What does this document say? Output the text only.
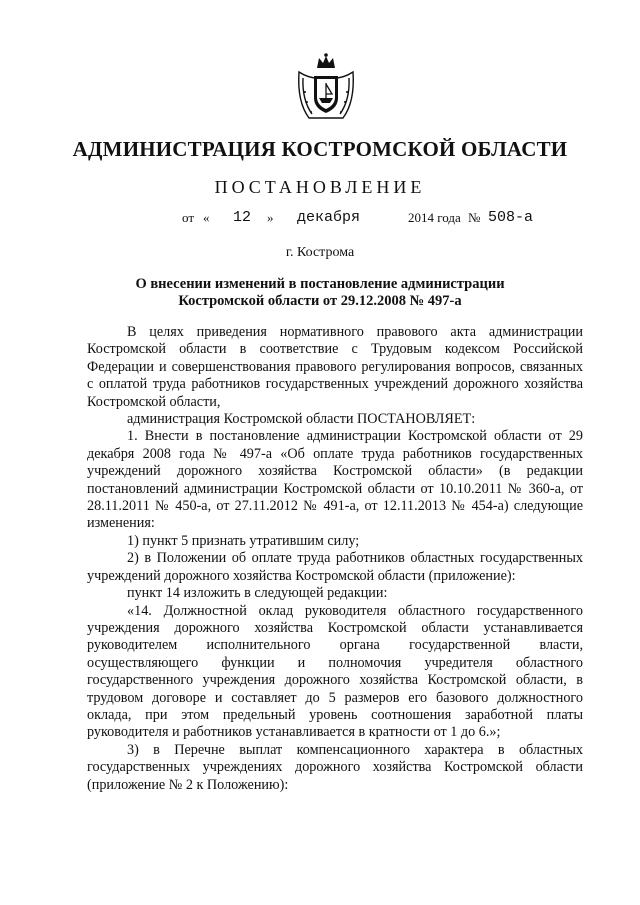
АДМИНИСТРАЦИЯ КОСТРОМСКОЙ ОБЛАСТИ
ПОСТАНОВЛЕНИЕ
от « 12 » декабря	2014 года № 508-а
г. Кострома
О внесении изменений в постановление администрации
Костромской области от 29.12.2008 № 497-а

В целях приведения нормативного правового акта администрации Костромской области в соответствие с Трудовым кодексом Российской Федерации и совершенствования правового регулирования вопросов, связанных с оплатой труда работников государственных учреждений дорожного хозяйства Костромской области,

администрация Костромской области ПОСТАНОВЛЯЕТ:

1. Внести в постановление администрации Костромской области от 29 декабря 2008 года № 497-а «Об оплате труда работников государственных учреждений дорожного хозяйства Костромской области» (в редакции постановлений администрации Костромской области от 10.10.2011 № 360-а, от 28.11.2011 № 450-а, от 27.11.2012 № 491-а, от 12.11.2013 № 454-а) следующие изменения:

1) пункт 5 признать утратившим силу;

2) в Положении об оплате труда работников областных государственных учреждений дорожного хозяйства Костромской области (приложение):

пункт 14 изложить в следующей редакции:

«14. Должностной оклад руководителя областного государственного учреждения дорожного хозяйства Костромской области устанавливается руководителем исполнительного органа государственной власти, осуществляющего функции и полномочия учредителя областного государственного учреждения дорожного хозяйства Костромской области, в трудовом договоре и составляет до 5 размеров его базового должностного оклада, при этом предельный уровень соотношения заработной платы руководителя и работников устанавливается в кратности от 1 до 6.»;

3) в Перечне выплат компенсационного характера в областных государственных учреждениях дорожного хозяйства Костромской области (приложение № 2 к Положению):
